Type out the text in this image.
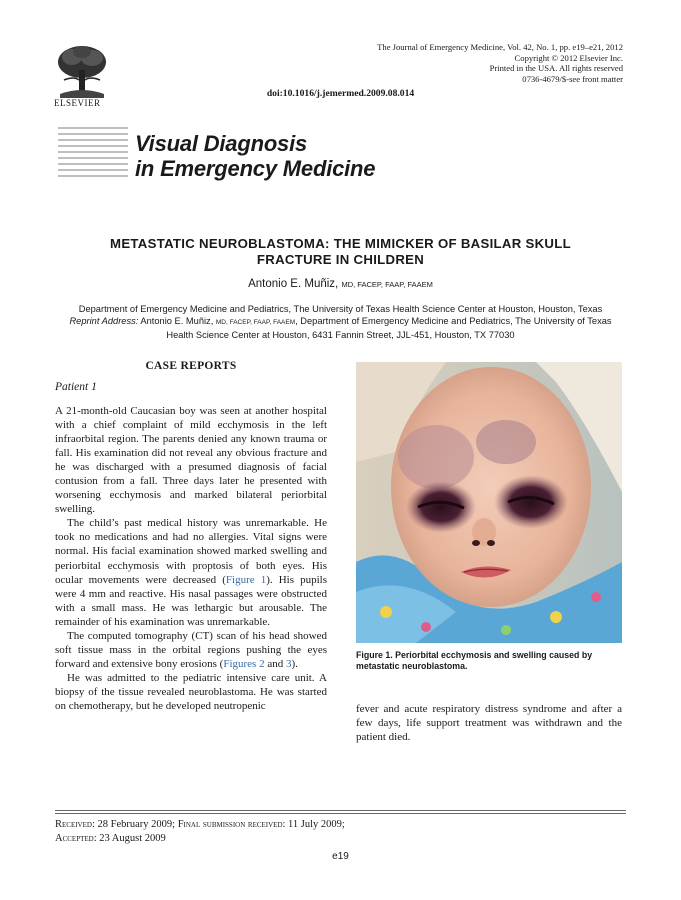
ELSEVIER
The Journal of Emergency Medicine, Vol. 42, No. 1, pp. e19–e21, 2012
Copyright © 2012 Elsevier Inc.
Printed in the USA. All rights reserved
0736-4679/$-see front matter
doi:10.1016/j.jemermed.2009.08.014
Visual Diagnosis
in Emergency Medicine
METASTATIC NEUROBLASTOMA: THE MIMICKER OF BASILAR SKULL
FRACTURE IN CHILDREN
Antonio E. Muñiz, MD, FACEP, FAAP, FAAEM
Department of Emergency Medicine and Pediatrics, The University of Texas Health Science Center at Houston, Houston, Texas
Reprint Address: Antonio E. Muñiz, MD, FACEP, FAAP, FAAEM, Department of Emergency Medicine and Pediatrics, The University of Texas
Health Science Center at Houston, 6431 Fannin Street, JJL-451, Houston, TX 77030
CASE REPORTS
Patient 1

A 21-month-old Caucasian boy was seen at another hospital with a chief complaint of mild ecchymosis in the left infraorbital region. The parents denied any known trauma or fall. His examination did not reveal any obvious fracture and he was discharged with a presumed diagnosis of facial contusion from a fall. Three days later he presented with worsening ecchymosis and marked bilateral periorbital swelling.

The child’s past medical history was unremarkable. He took no medications and had no allergies. Vital signs were normal. His facial examination showed marked swelling and periorbital ecchymosis with proptosis of both eyes. His ocular movements were decreased (Figure 1). His pupils were 4 mm and reactive. His nasal passages were obstructed with a small mass. He was lethargic but arousable. The remainder of his examination was unremarkable.

The computed tomography (CT) scan of his head showed soft tissue mass in the orbital regions pushing the eyes forward and extensive bony erosions (Figures 2 and 3).

He was admitted to the pediatric intensive care unit. A biopsy of the tissue revealed neuroblastoma. He was started on chemotherapy, but he developed neutropenic

Figure 1. Periorbital ecchymosis and swelling caused by metastatic neuroblastoma.

fever and acute respiratory distress syndrome and after a few days, life support treatment was withdrawn and the patient died.

Received: 28 February 2009; Final submission received: 11 July 2009;
Accepted: 23 August 2009
e19
